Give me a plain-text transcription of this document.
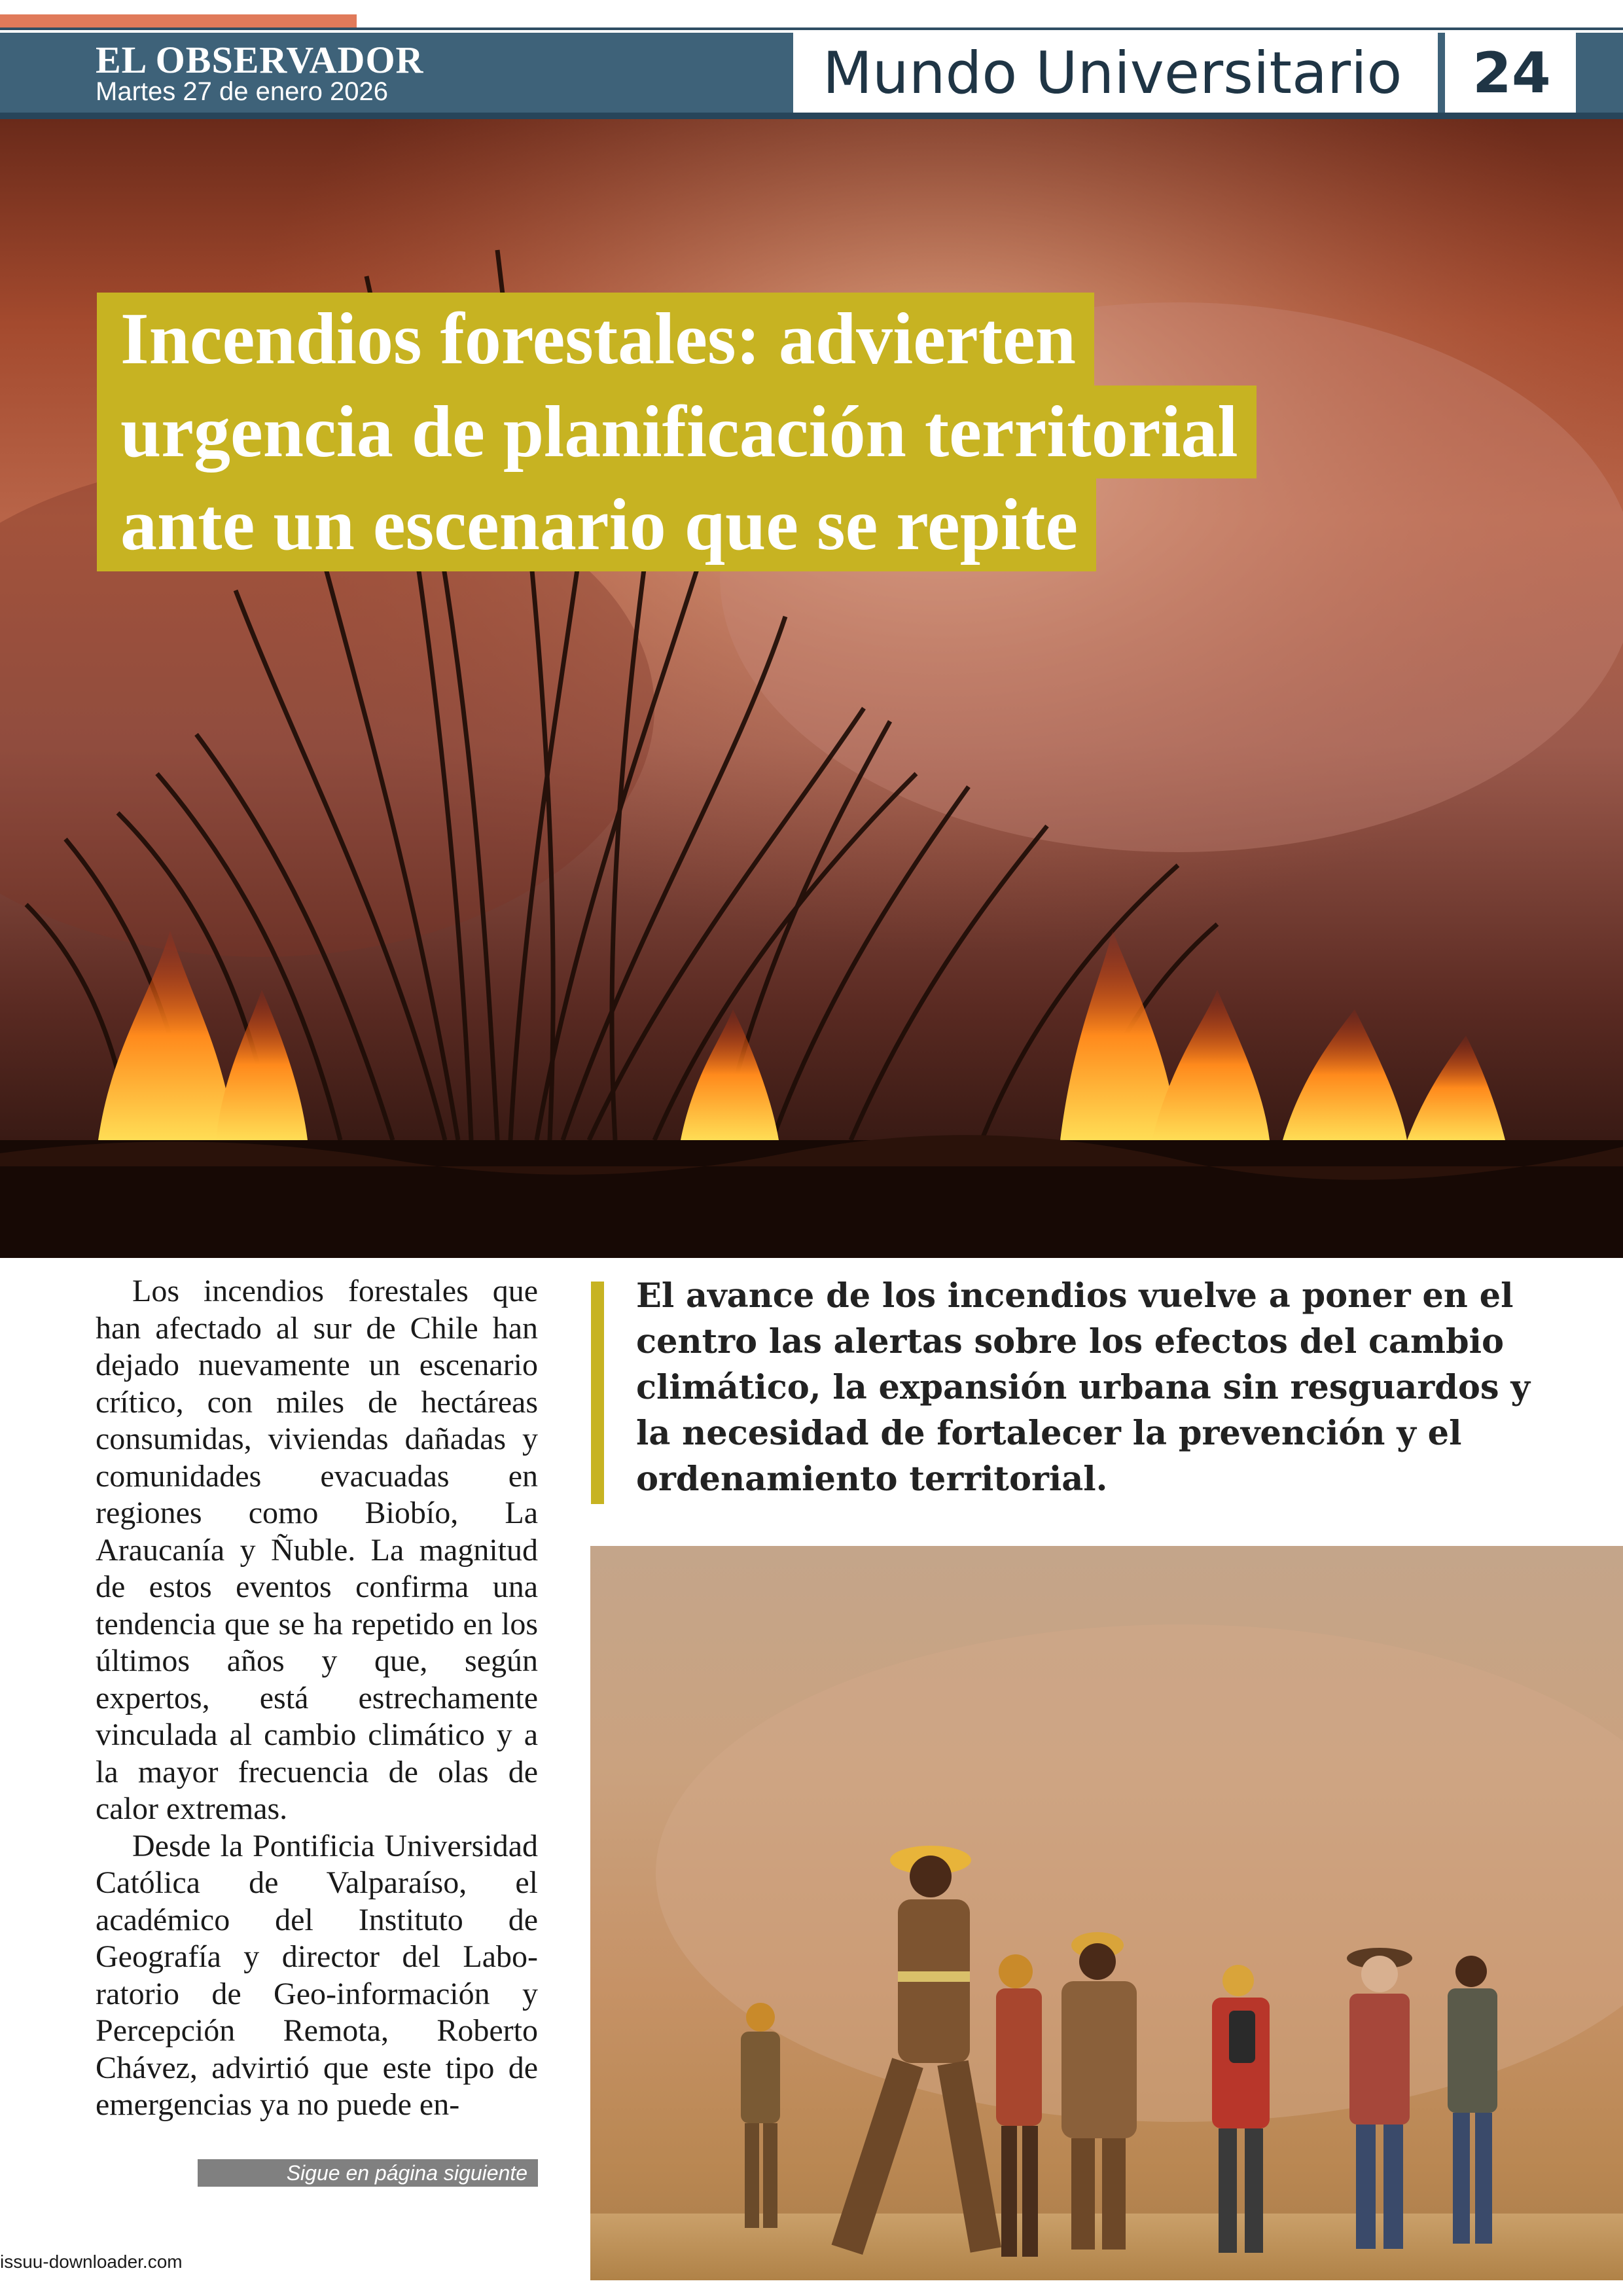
EL OBSERVADOR
Martes 27 de enero 2026	Mundo Universitario 24
Incendios forestales: advierten
urgencia de planificación territorial
ante un escenario que se repite

Los incendios forestales que han afectado al sur de Chile han dejado nuevamente un escenario crítico, con miles de hectáreas consumidas, viviendas dañadas y comunidades evacuadas en regiones como Biobío, La Araucanía y Ñuble. La magnitud de estos eventos confirma una tendencia que se ha repetido en los últimos años y que, según expertos, está estrechamente vinculada al cambio climático y a la mayor frecuencia de olas de calor extremas.

Desde la Pontificia Universidad Católica de Valparaíso, el académico del Instituto de Geografía y director del Laboratorio de Geo-información y Percepción Remota, Roberto Chávez, advirtió que este tipo de emergencias ya no puede en-

Sigue en página siguiente
El avance de los incendios vuelve a poner en el centro las alertas sobre los efectos del cambio climático, la expansión urbana sin resguardos y la necesidad de fortalecer la prevención y el ordenamiento territorial.
issuu-downloader.com
